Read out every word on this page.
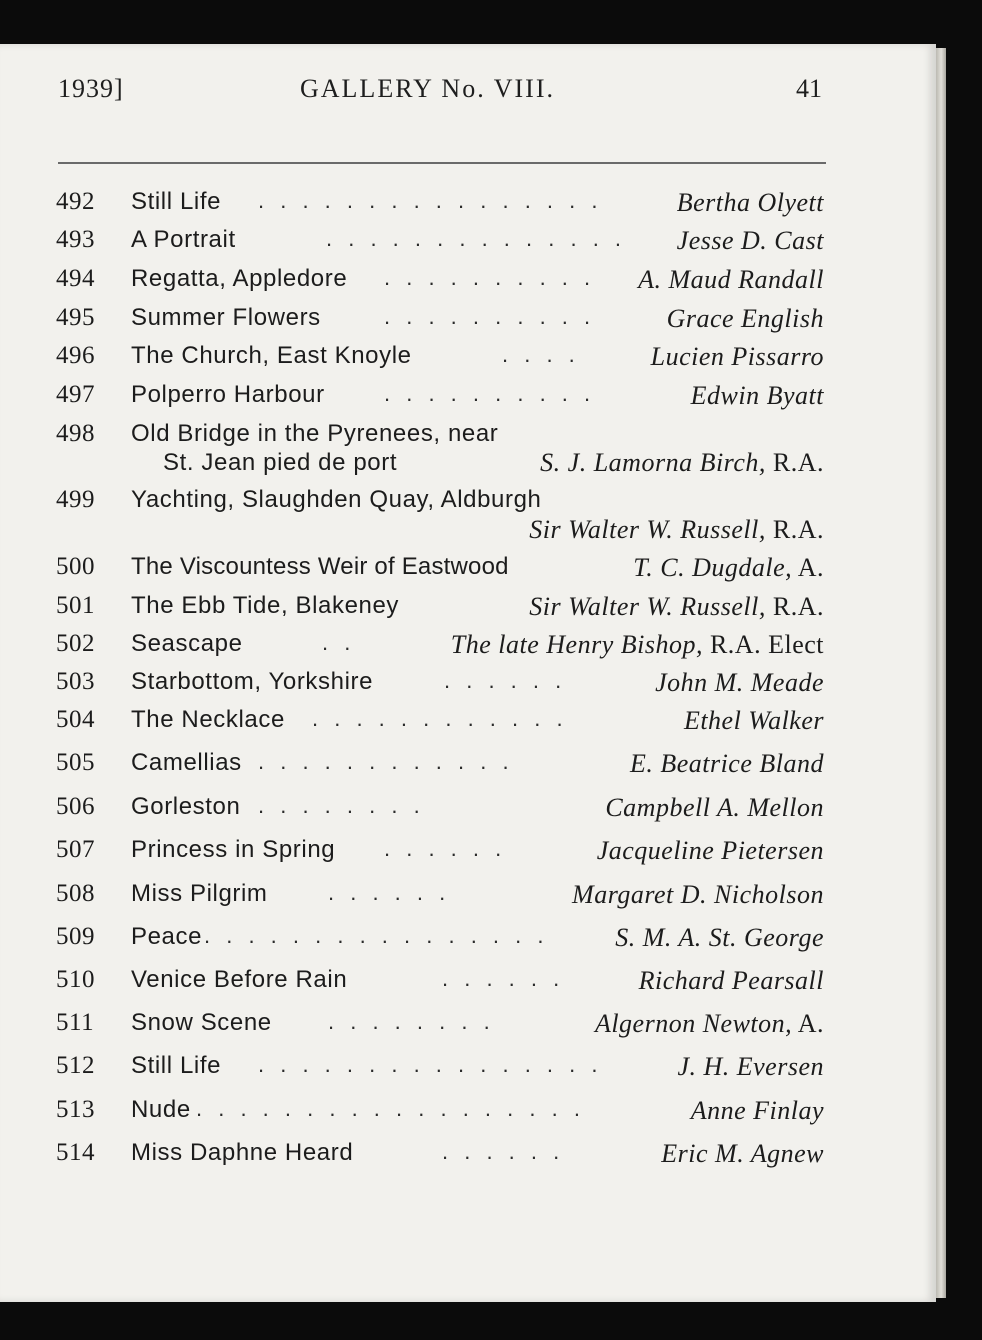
1939]	GALLERY No. VIII.	41
492	Still Life . . . . . . . . . . . . . . . .	Bertha Olyett
493	A Portrait	. . . . . . . . . . . . . . Jesse D. Cast
494	Regatta, Appledore . . . . . . . . . . A. Maud Randall
495	Summer Flowers	. . . . . . . . . .	Grace English
496	The Church, East Knoyle	. . . .	Lucien Pissarro
497	Polperro Harbour	. . . . . . . . . .	Edwin Byatt
498	Old Bridge in the Pyrenees, near
St. Jean pied de port	S. J. Lamorna Birch, R.A.
499	Yachting, Slaughden Quay, Aldburgh
Sir Walter W. Russell, R.A.
500	The Viscountess Weir of Eastwood	T. C. Dugdale, A.
501	The Ebb Tide, Blakeney	Sir Walter W. Russell, R.A.
502	Seascape	. .	The late Henry Bishop, R.A. Elect
503	Starbottom, Yorkshire	. . . . . .	John M. Meade
504	The Necklace . . . . . . . . . . . .	Ethel Walker
505	Camellias . . . . . . . . . . . .	E. Beatrice Bland
506	Gorleston . . . . . . . .	Campbell A. Mellon
507	Princess in Spring . . . . . .	Jacqueline Pietersen
508	Miss Pilgrim	. . . . . .	Margaret D. Nicholson
509	Peace . . . . . . . . . . . . . . . .	S. M. A. St. George
510	Venice Before Rain	. . . . . .	Richard Pearsall
511	Snow Scene	. . . . . . . .	Algernon Newton, A.
512	Still Life . . . . . . . . . . . . . . . .	J. H. Eversen
513	Nude . . . . . . . . . . . . . . . . . .	Anne Finlay
514	Miss Daphne Heard	. . . . . .	Eric M. Agnew
